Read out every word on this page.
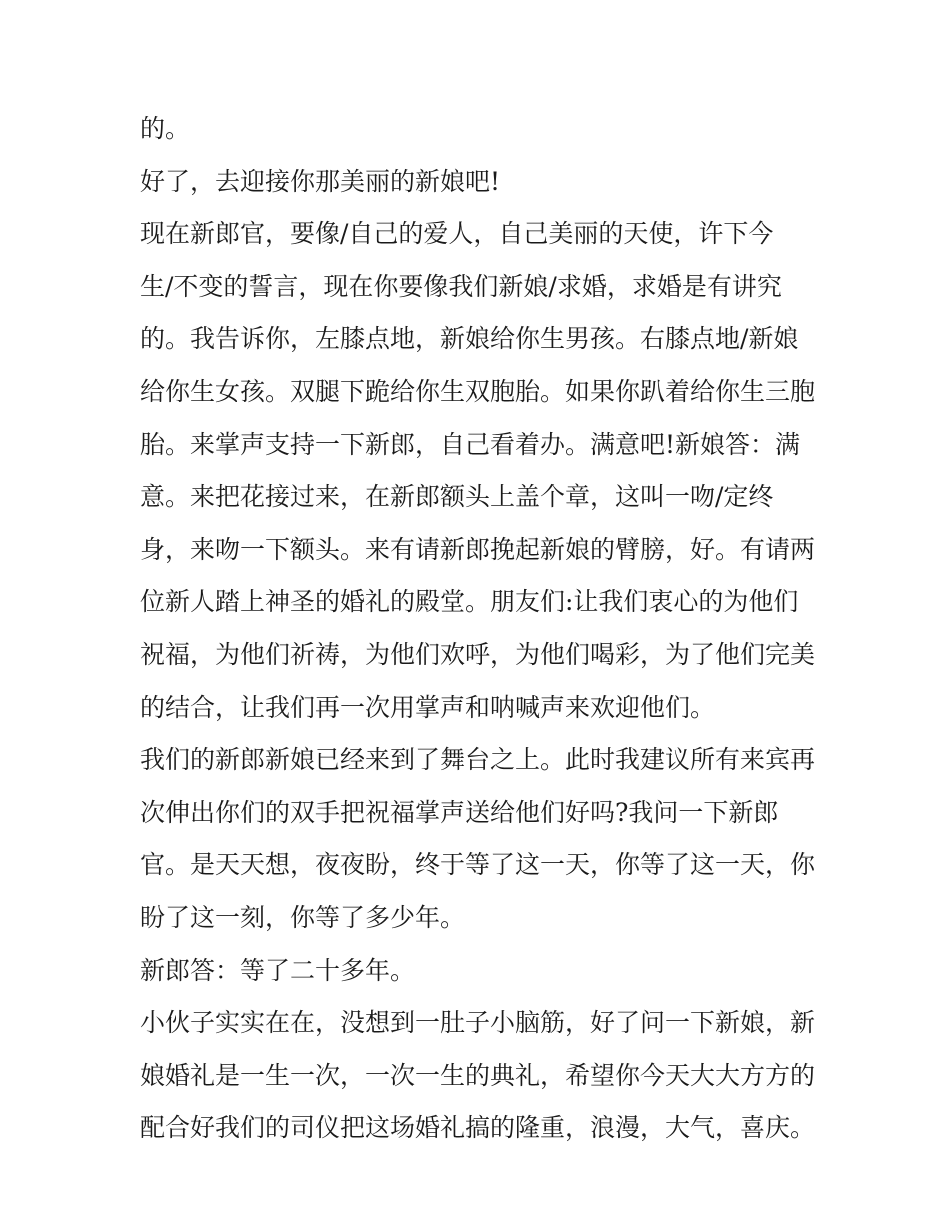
的。
好了，去迎接你那美丽的新娘吧!
现在新郎官，要像/自己的爱人，自己美丽的天使，许下今
生/不变的誓言，现在你要像我们新娘/求婚，求婚是有讲究
的。我告诉你，左膝点地，新娘给你生男孩。右膝点地/新娘
给你生女孩。双腿下跪给你生双胞胎。如果你趴着给你生三胞
胎。来掌声支持一下新郎，自己看着办。满意吧!新娘答：满
意。来把花接过来，在新郎额头上盖个章，这叫一吻/定终
身，来吻一下额头。来有请新郎挽起新娘的臂膀，好。有请两
位新人踏上神圣的婚礼的殿堂。朋友们:让我们衷心的为他们
祝福，为他们祈祷，为他们欢呼，为他们喝彩，为了他们完美
的结合，让我们再一次用掌声和呐喊声来欢迎他们。
我们的新郎新娘已经来到了舞台之上。此时我建议所有来宾再
次伸出你们的双手把祝福掌声送给他们好吗?我问一下新郎
官。是天天想，夜夜盼，终于等了这一天，你等了这一天，你
盼了这一刻，你等了多少年。
新郎答：等了二十多年。
小伙子实实在在，没想到一肚子小脑筋，好了问一下新娘，新
娘婚礼是一生一次，一次一生的典礼，希望你今天大大方方的
配合好我们的司仪把这场婚礼搞的隆重，浪漫，大气，喜庆。
